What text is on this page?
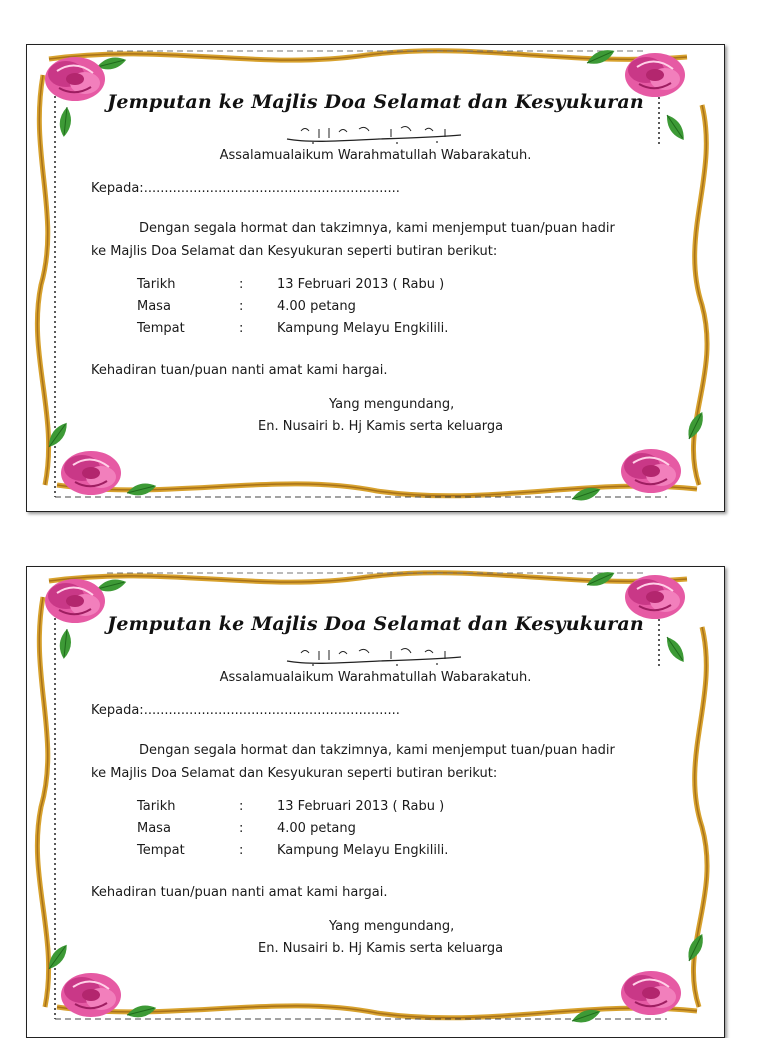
Jemputan ke Majlis Doa Selamat dan Kesyukuran
Assalamualaikum Warahmatullah Wabarakatuh.
Kepada:..............................................................
Dengan segala hormat dan takzimnya, kami menjemput tuan/puan hadir
ke Majlis Doa Selamat dan Kesyukuran seperti butiran berikut:
Tarikh	:	13 Februari 2013 ( Rabu )
Masa	:	4.00 petang
Tempat	:	Kampung Melayu Engkilili.
Kehadiran tuan/puan nanti amat kami hargai.
Yang mengundang,
En. Nusairi b. Hj Kamis serta keluarga
Jemputan ke Majlis Doa Selamat dan Kesyukuran
Assalamualaikum Warahmatullah Wabarakatuh.
Kepada:..............................................................
Dengan segala hormat dan takzimnya, kami menjemput tuan/puan hadir
ke Majlis Doa Selamat dan Kesyukuran seperti butiran berikut:
Tarikh	:	13 Februari 2013 ( Rabu )
Masa	:	4.00 petang
Tempat	:	Kampung Melayu Engkilili.
Kehadiran tuan/puan nanti amat kami hargai.
Yang mengundang,
En. Nusairi b. Hj Kamis serta keluarga
